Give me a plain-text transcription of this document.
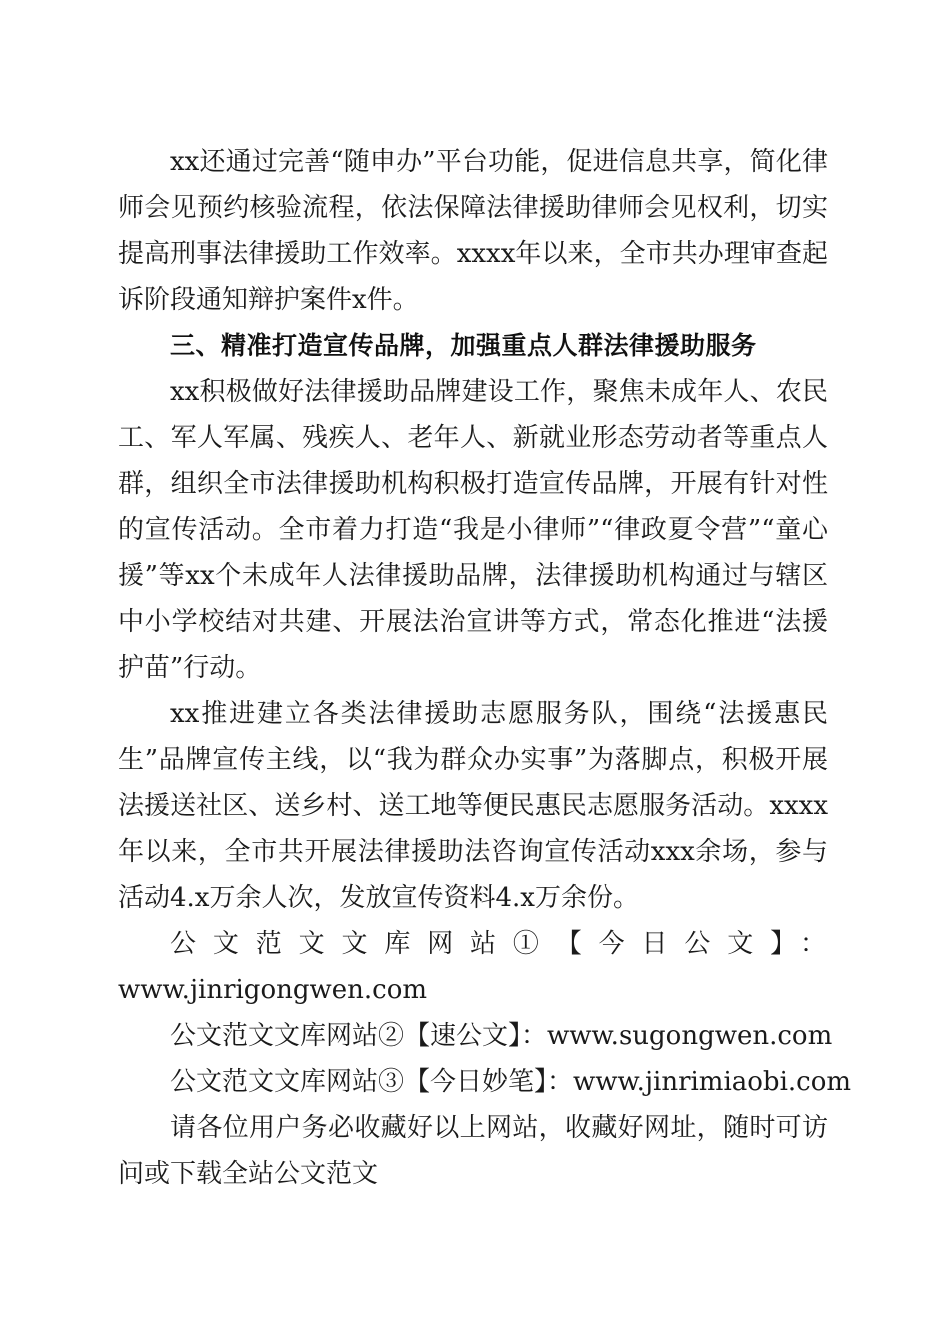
xx还通过完善“随申办”平台功能，促进信息共享，简化律师会见预约核验流程，依法保障法律援助律师会见权利，切实提高刑事法律援助工作效率。xxxx年以来，全市共办理审查起诉阶段通知辩护案件x件。

三、精准打造宣传品牌，加强重点人群法律援助服务

xx积极做好法律援助品牌建设工作，聚焦未成年人、农民工、军人军属、残疾人、老年人、新就业形态劳动者等重点人群，组织全市法律援助机构积极打造宣传品牌，开展有针对性的宣传活动。全市着力打造“我是小律师”“律政夏令营”“童心援”等xx个未成年人法律援助品牌，法律援助机构通过与辖区中小学校结对共建、开展法治宣讲等方式，常态化推进“法援护苗”行动。

xx推进建立各类法律援助志愿服务队，围绕“法援惠民生”品牌宣传主线，以“我为群众办实事”为落脚点，积极开展法援送社区、送乡村、送工地等便民惠民志愿服务活动。xxxx年以来，全市共开展法律援助法咨询宣传活动xxx余场，参与活动4.x万余人次，发放宣传资料4.x万余份。

公文范文文库网站①【今日公文】：

www.jinrigongwen.com

公文范文文库网站②【速公文】：www.sugongwen.com

公文范文文库网站③【今日妙笔】：www.jinrimiaobi.com

请各位用户务必收藏好以上网站，收藏好网址，随时可访问或下载全站公文范文
